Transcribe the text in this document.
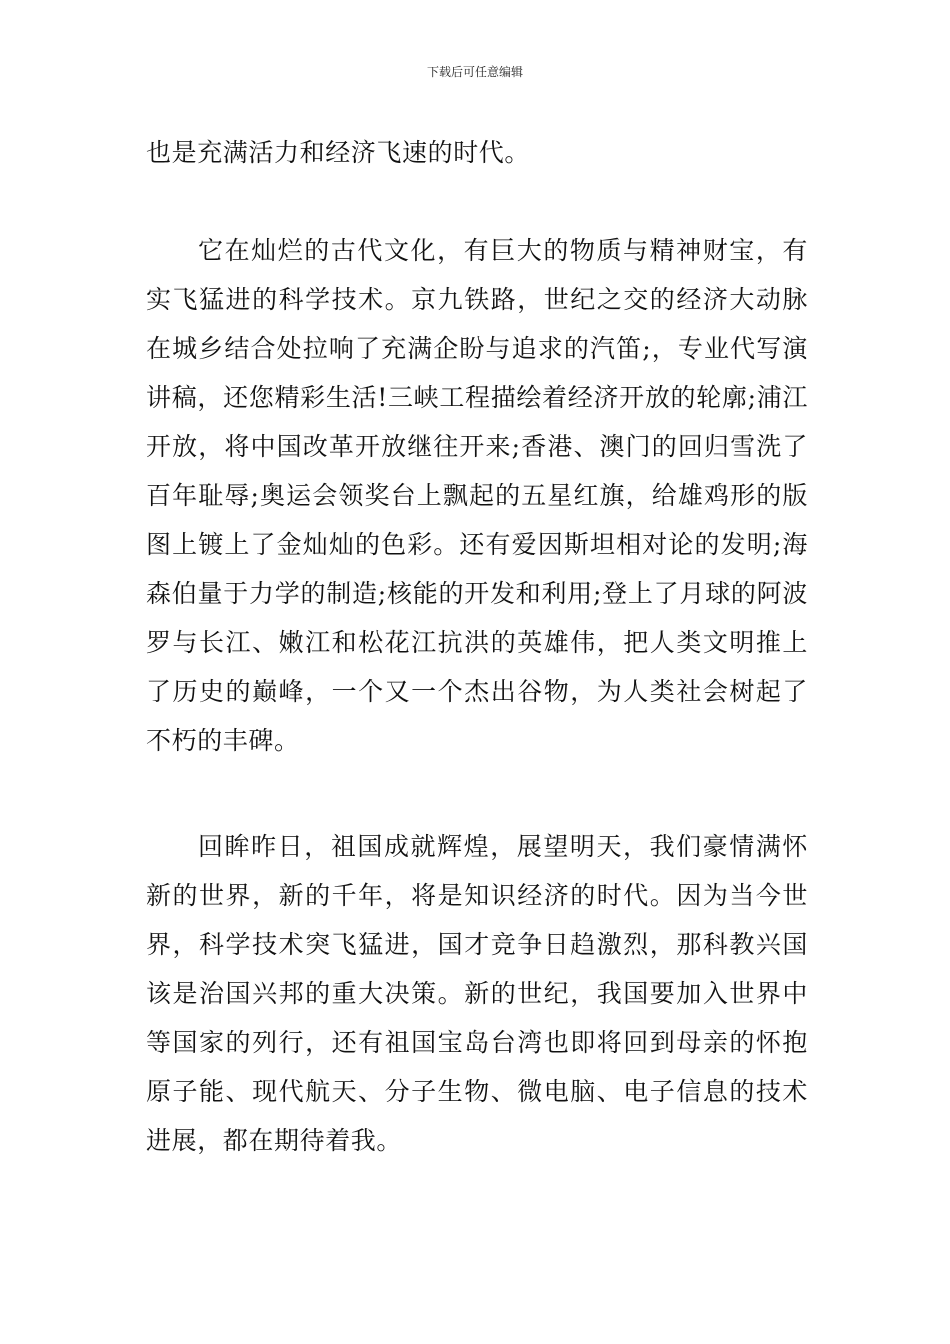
下载后可任意编辑

也是充满活力和经济飞速的时代。

它在灿烂的古代文化，有巨大的物质与精神财宝，有实飞猛进的科学技术。京九铁路，世纪之交的经济大动脉在城乡结合处拉响了充满企盼与追求的汽笛;，专业代写演讲稿，还您精彩生活!三峡工程描绘着经济开放的轮廓;浦江开放，将中国改革开放继往开来;香港、澳门的回归雪洗了百年耻辱;奥运会领奖台上飘起的五星红旗，给雄鸡形的版图上镀上了金灿灿的色彩。还有爱因斯坦相对论的发明;海森伯量于力学的制造;核能的开发和利用;登上了月球的阿波罗与长江、嫩江和松花江抗洪的英雄伟，把人类文明推上了历史的巅峰，一个又一个杰出谷物，为人类社会树起了不朽的丰碑。

回眸昨日，祖国成就辉煌，展望明天，我们豪情满怀新的世界，新的千年，将是知识经济的时代。因为当今世界，科学技术突飞猛进，国才竞争日趋激烈，那科教兴国该是治国兴邦的重大决策。新的世纪，我国要加入世界中等国家的列行，还有祖国宝岛台湾也即将回到母亲的怀抱原子能、现代航天、分子生物、微电脑、电子信息的技术进展，都在期待着我。
